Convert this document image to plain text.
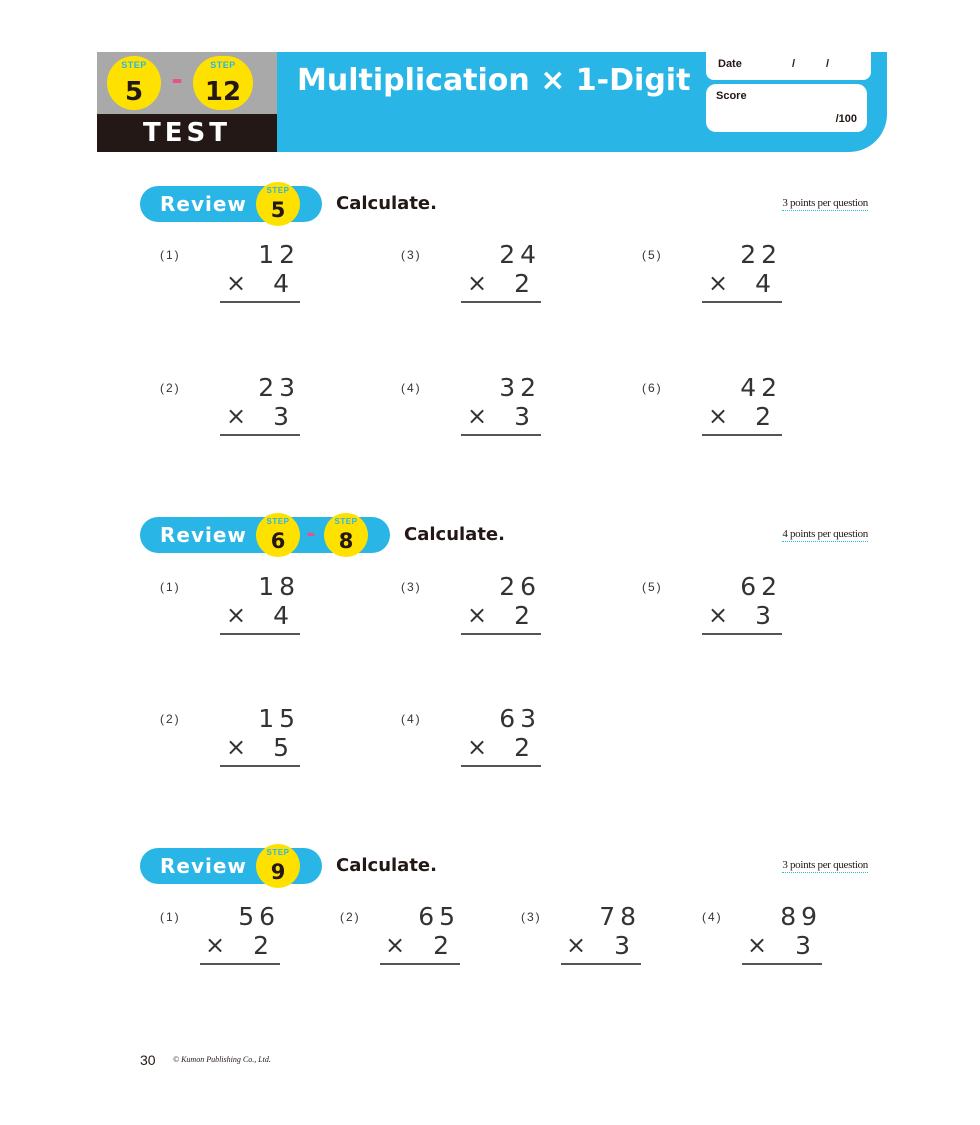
STEP
5	-	STEP
12
TEST
Multiplication × 1-Digit	Date	/	/
Score
/100
Review
STEP
5	Calculate.	3 points per question
Review
STEP
6 -
STEP
8	Calculate.	4 points per question
Review
STEP
9	Calculate.	3 points per question
(1)	12
×	4
(2)	23
×	3
(3)	24
×	2
(4)	32
×	3
(5)	22
×	4
(6)	42
×	2
(1)	18
×	4
(2)	15
×	5
(3)	26
×	2
(4)	63
×	2
(5)	62
×	3
(1)	56
×	2
(2)	65
×	2
(3)	78
×	3
(4)	89
×	3
30 © Kumon Publishing Co., Ltd.
